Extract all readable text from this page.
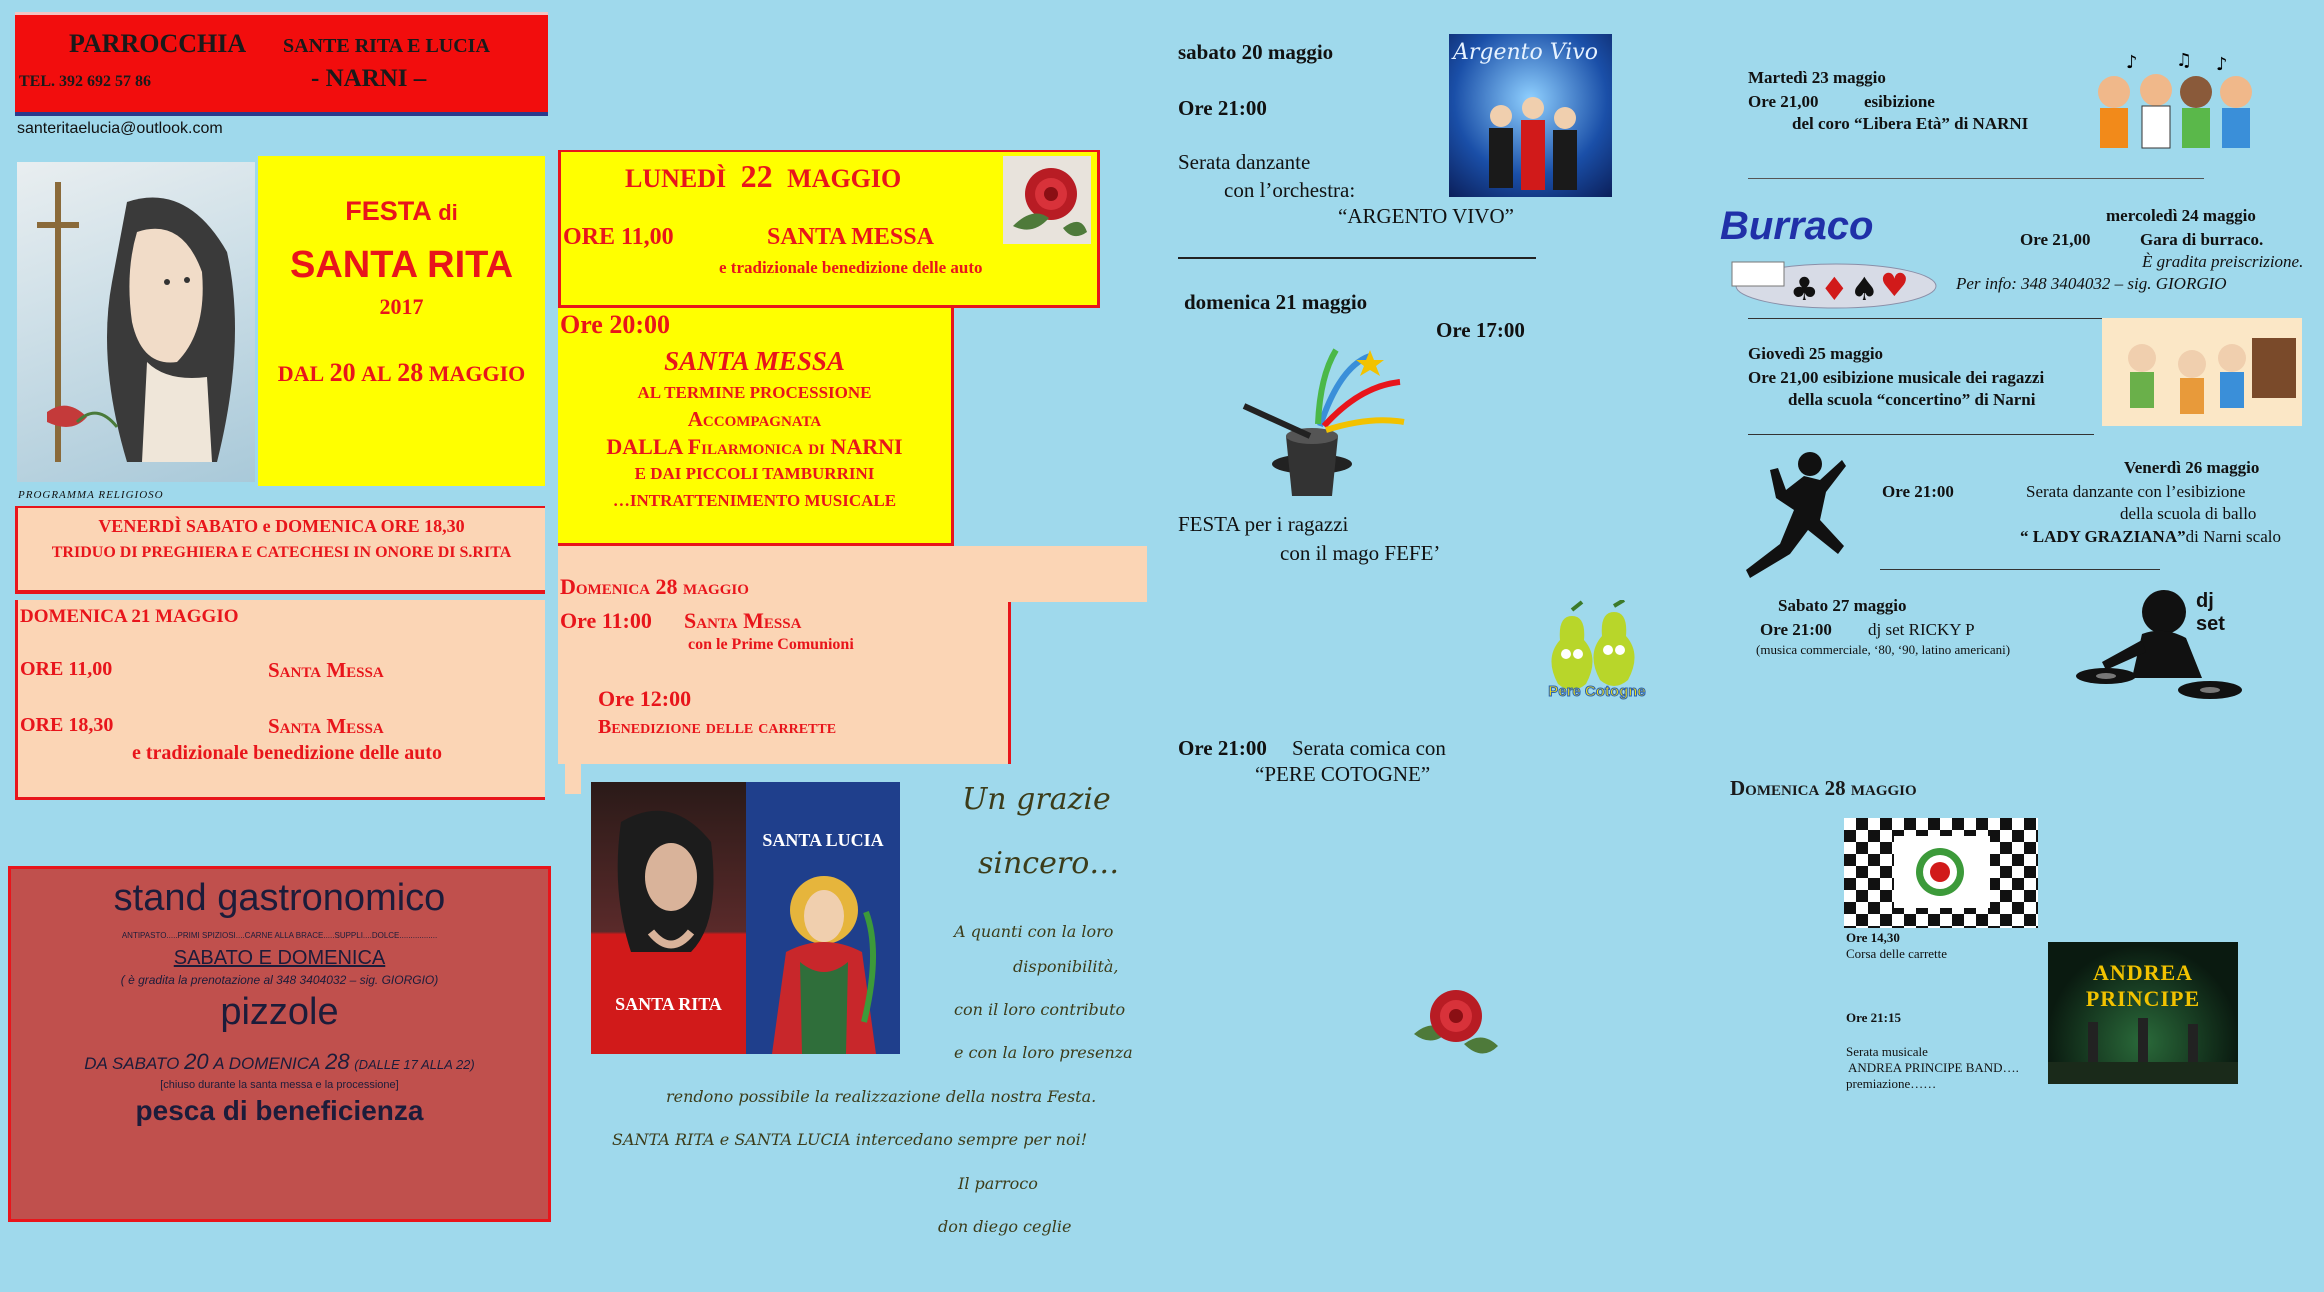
PARROCCHIA SANTE RITA E LUCIA
TEL. 392 692 57 86	- NARNI –
santeritaelucia@outlook.com
PROGRAMMA RELIGIOSO
FESTA di
SANTA RITA
2017
DAL 20 AL 28 MAGGIO
VENERDÌ SABATO e DOMENICA ORE 18,30
TRIDUO DI PREGHIERA E CATECHESI IN ONORE DI S.RITA
DOMENICA 21 MAGGIO
ORE 11,00	Santa Messa
ORE 18,30	Santa Messa
e tradizionale benedizione delle auto
stand gastronomico
ANTIPASTO.....PRIMI SPIZIOSI....CARNE ALLA BRACE.....SUPPLI....DOLCE.................
SABATO E DOMENICA
( è gradita la prenotazione al 348 3404032 – sig. GIORGIO)
pizzole
DA SABATO 20 A DOMENICA 28 (DALLE 17 ALLA 22)
[chiuso durante la santa messa e la processione]
pesca di beneficienza
LUNEDÌ 22 MAGGIO
ORE 11,00	SANTA MESSA
e tradizionale benedizione delle auto
Ore 20:00
SANTA MESSA
AL TERMINE PROCESSIONE
Accompagnata
DALLA Filarmonica di NARNI
E DAI PICCOLI TAMBURRINI
…INTRATTENIMENTO MUSICALE
Domenica 28 maggio
Ore 11:00 Santa Messa
con le Prime Comunioni
Ore 12:00
Benedizione delle carrette
SANTA RITA
SANTA LUCIA
Un grazie
sincero…
A quanti con la loro
disponibilità,
con il loro contributo
e con la loro presenza
rendono possibile la realizzazione della nostra Festa.
SANTA RITA e SANTA LUCIA intercedano sempre per noi!
Il parroco
don diego ceglie
sabato 20 maggio
Ore 21:00
Serata danzante
con l’orchestra:
“ARGENTO VIVO”
Argento Vivo
domenica 21 maggio
Ore 17:00
FESTA per i ragazzi
con il mago FEFE’
Pere Cotogne
Ore 21:00 Serata comica con
“PERE COTOGNE”
Martedì 23 maggio
Ore 21,00	esibizione
del coro “Libera Età” di NARNI
♪ ♫ ♪
Burraco
♣ ♦ ♠ ♥
mercoledì 24 maggio
Ore 21,00	Gara di burraco.
È gradita preiscrizione.
Per info: 348 3404032 – sig. GIORGIO
Giovedì 25 maggio
Ore 21,00 esibizione musicale dei ragazzi
della scuola “concertino” di Narni
Venerdì 26 maggio
Ore 21:00	Serata danzante con l’esibizione
della scuola di ballo
“ LADY GRAZIANA”di Narni scalo
Sabato 27 maggio
Ore 21:00 dj set RICKY P
(musica commerciale, ‘80, ‘90, latino americani)
dj set
Domenica 28 maggio
Ore 14,30
Corsa delle carrette
ANDREA PRINCIPE
Ore 21:15
Serata musicale
ANDREA PRINCIPE BAND….
premiazione……
